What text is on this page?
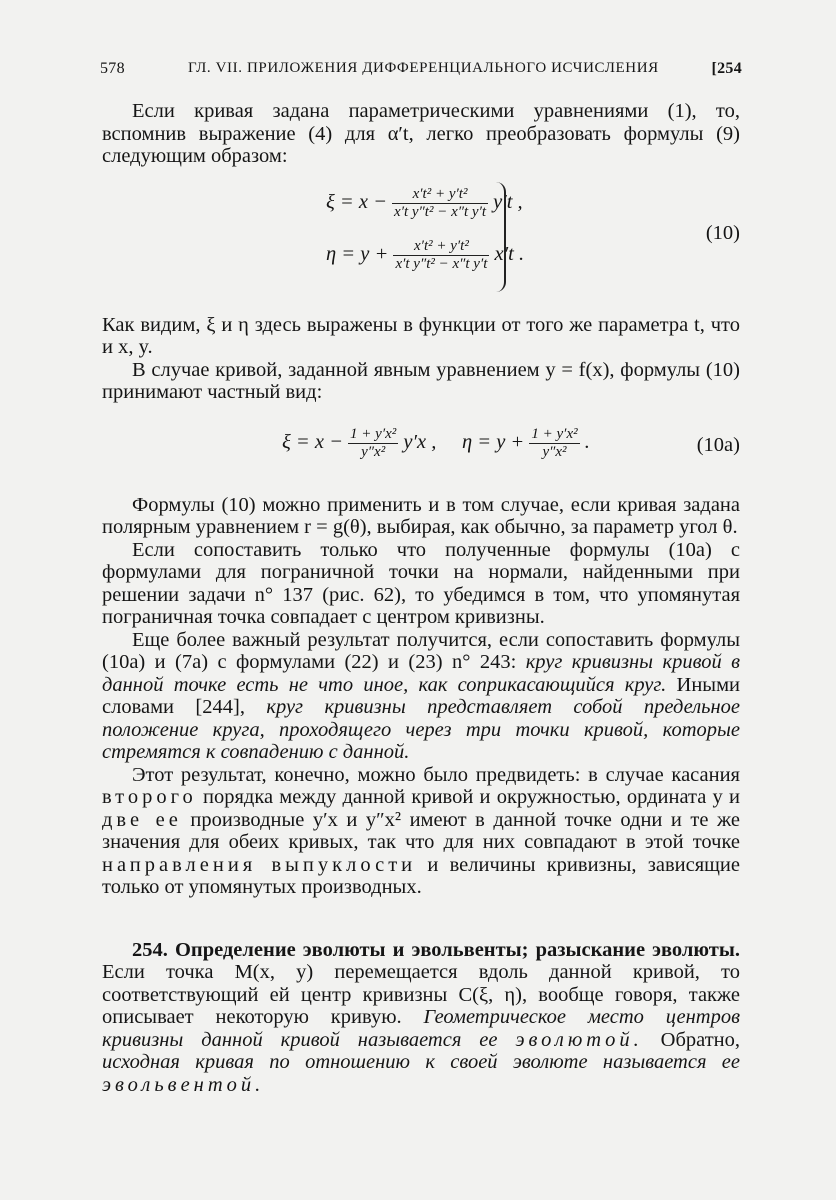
578	ГЛ. VII. ПРИЛОЖЕНИЯ ДИФФЕРЕНЦИАЛЬНОГО ИСЧИСЛЕНИЯ	[254

Если кривая задана параметрическими уравнениями (1), то, вспомнив выражение (4) для α′t, легко преобразовать формулы (9) следующим образом:

$\xi = x - \frac{\text{x′t² + y′t²}}{\text{x′t y″t² − x″t y′t}} y't$ ,
$\eta = y + \frac{\text{x′t² + y′t²}}{\text{x′t y″t² − x″t y′t}} x't$ .
(10)

Как видим, ξ и η здесь выражены в функции от того же параметра t, что и x, y.

В случае кривой, заданной явным уравнением y = f(x), формулы (10) принимают частный вид:

$\xi = x - \frac{\text{1 + y′x²}}{\text{y″x²}} y'x$ , $\eta = y + \frac{\text{1 + y′x²}}{\text{y″x²}}$ .	(10a)

Формулы (10) можно применить и в том случае, если кривая задана полярным уравнением r = g(θ), выбирая, как обычно, за параметр угол θ.

Если сопоставить только что полученные формулы (10a) с формулами для пограничной точки на нормали, найденными при решении задачи n° 137 (рис. 62), то убедимся в том, что упомянутая пограничная точка совпадает с центром кривизны.

Еще более важный результат получится, если сопоставить формулы (10a) и (7a) с формулами (22) и (23) n° 243: круг кривизны кривой в данной точке есть не что иное, как соприкасающийся круг. Иными словами [244], круг кривизны представляет собой предельное положение круга, проходящего через три точки кривой, которые стремятся к совпадению с данной.

Этот результат, конечно, можно было предвидеть: в случае касания второго порядка между данной кривой и окружностью, ордината y и две ее производные y′x и y″x² имеют в данной точке одни и те же значения для обеих кривых, так что для них совпадают в этой точке направления выпуклости и величины кривизны, зависящие только от упомянутых производных.

254. Определение эволюты и эвольвенты; разыскание эволюты. Если точка M(x, y) перемещается вдоль данной кривой, то соответствующий ей центр кривизны C(ξ, η), вообще говоря, также описывает некоторую кривую. Геометрическое место центров кривизны данной кривой называется ее эволютой. Обратно, исходная кривая по отношению к своей эволюте называется ее эвольвентой.
